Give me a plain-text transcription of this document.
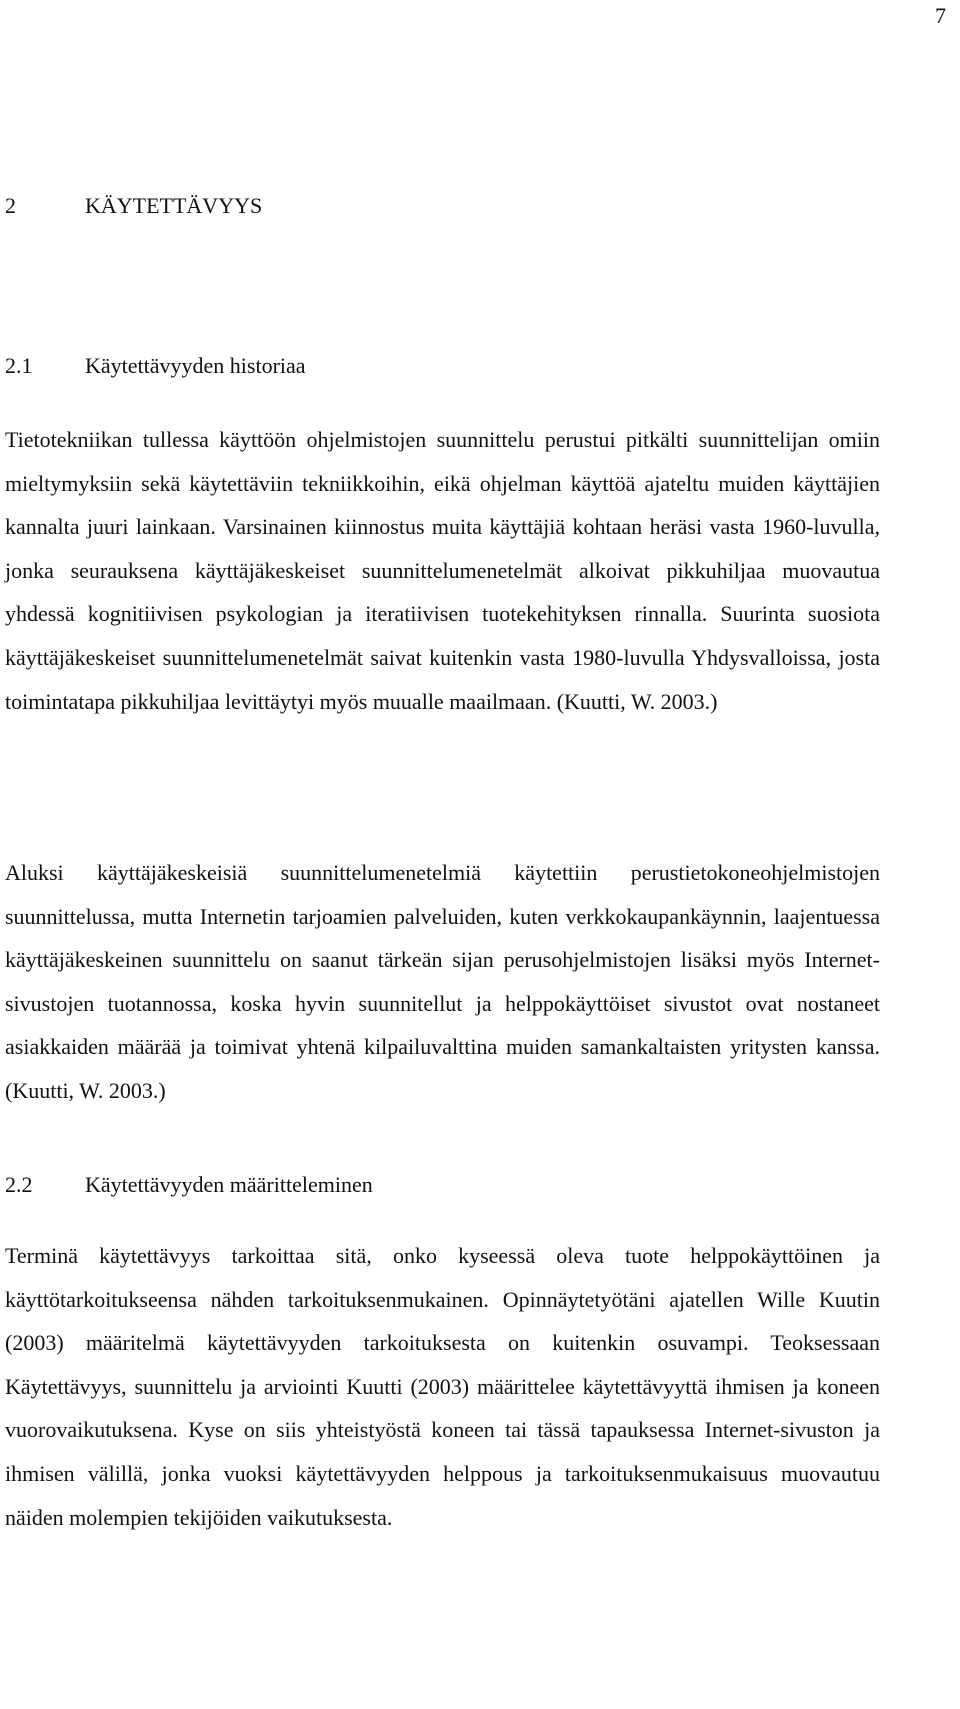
7
2	KÄYTETTÄVYYS
2.1	Käytettävyyden historiaa

Tietotekniikan tullessa käyttöön ohjelmistojen suunnittelu perustui pitkälti suunnittelijan omiin mieltymyksiin sekä käytettäviin tekniikkoihin, eikä ohjelman käyttöä ajateltu muiden käyttäjien kannalta juuri lainkaan. Varsinainen kiinnostus muita käyttäjiä kohtaan heräsi vasta 1960-luvulla, jonka seurauksena käyttäjäkeskeiset suunnittelumenetelmät alkoivat pikkuhiljaa muovautua yhdessä kognitiivisen psykologian ja iteratiivisen tuotekehityksen rinnalla. Suurinta suosiota käyttäjäkeskeiset suunnittelumenetelmät saivat kuitenkin vasta 1980-luvulla Yhdysvalloissa, josta toimintatapa pikkuhiljaa levittäytyi myös muualle maailmaan. (Kuutti, W. 2003.)

Aluksi käyttäjäkeskeisiä suunnittelumenetelmiä käytettiin perustietokoneohjelmistojen suunnittelussa, mutta Internetin tarjoamien palveluiden, kuten verkkokaupankäynnin, laajentuessa käyttäjäkeskeinen suunnittelu on saanut tärkeän sijan perusohjelmistojen lisäksi myös Internet-sivustojen tuotannossa, koska hyvin suunnitellut ja helppokäyttöiset sivustot ovat nostaneet asiakkaiden määrää ja toimivat yhtenä kilpailuvalttina muiden samankaltaisten yritysten kanssa. (Kuutti, W. 2003.)

2.2	Käytettävyyden määritteleminen

Terminä käytettävyys tarkoittaa sitä, onko kyseessä oleva tuote helppokäyttöinen ja käyttötarkoitukseensa nähden tarkoituksenmukainen. Opinnäytetyötäni ajatellen Wille Kuutin (2003) määritelmä käytettävyyden tarkoituksesta on kuitenkin osuvampi. Teoksessaan Käytettävyys, suunnittelu ja arviointi Kuutti (2003) määrittelee käytettävyyttä ihmisen ja koneen vuorovaikutuksena. Kyse on siis yhteistyöstä koneen tai tässä tapauksessa Internet-sivuston ja ihmisen välillä, jonka vuoksi käytettävyyden helppous ja tarkoituksenmukaisuus muovautuu näiden molempien tekijöiden vaikutuksesta.
